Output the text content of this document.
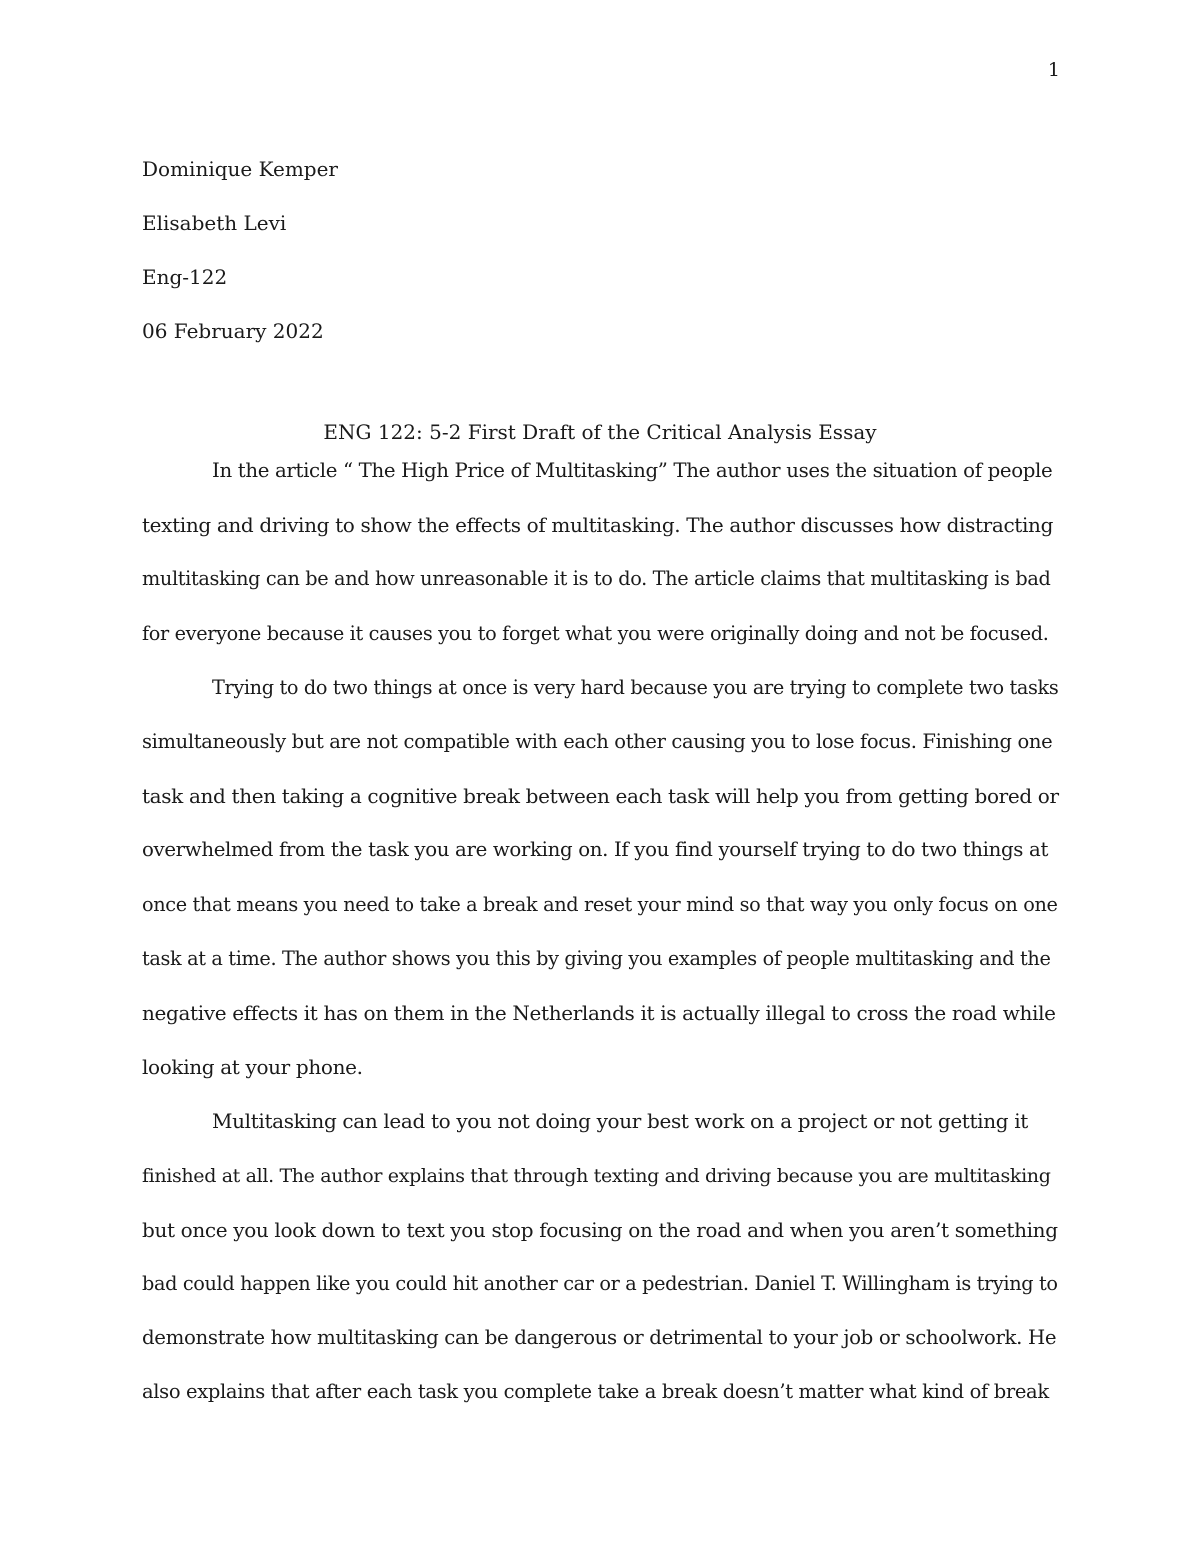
1
Dominique Kemper
Elisabeth Levi
Eng-122
06 February 2022
ENG 122: 5-2 First Draft of the Critical Analysis Essay
In the article “ The High Price of Multitasking” The author uses the situation of people
texting and driving to show the effects of multitasking. The author discusses how distracting
multitasking can be and how unreasonable it is to do. The article claims that multitasking is bad
for everyone because it causes you to forget what you were originally doing and not be focused.
Trying to do two things at once is very hard because you are trying to complete two tasks
simultaneously but are not compatible with each other causing you to lose focus. Finishing one
task and then taking a cognitive break between each task will help you from getting bored or
overwhelmed from the task you are working on. If you find yourself trying to do two things at
once that means you need to take a break and reset your mind so that way you only focus on one
task at a time. The author shows you this by giving you examples of people multitasking and the
negative effects it has on them in the Netherlands it is actually illegal to cross the road while
looking at your phone.
Multitasking can lead to you not doing your best work on a project or not getting it
finished at all. The author explains that through texting and driving because you are multitasking
but once you look down to text you stop focusing on the road and when you aren’t something
bad could happen like you could hit another car or a pedestrian. Daniel T. Willingham is trying to
demonstrate how multitasking can be dangerous or detrimental to your job or schoolwork. He
also explains that after each task you complete take a break doesn’t matter what kind of break
